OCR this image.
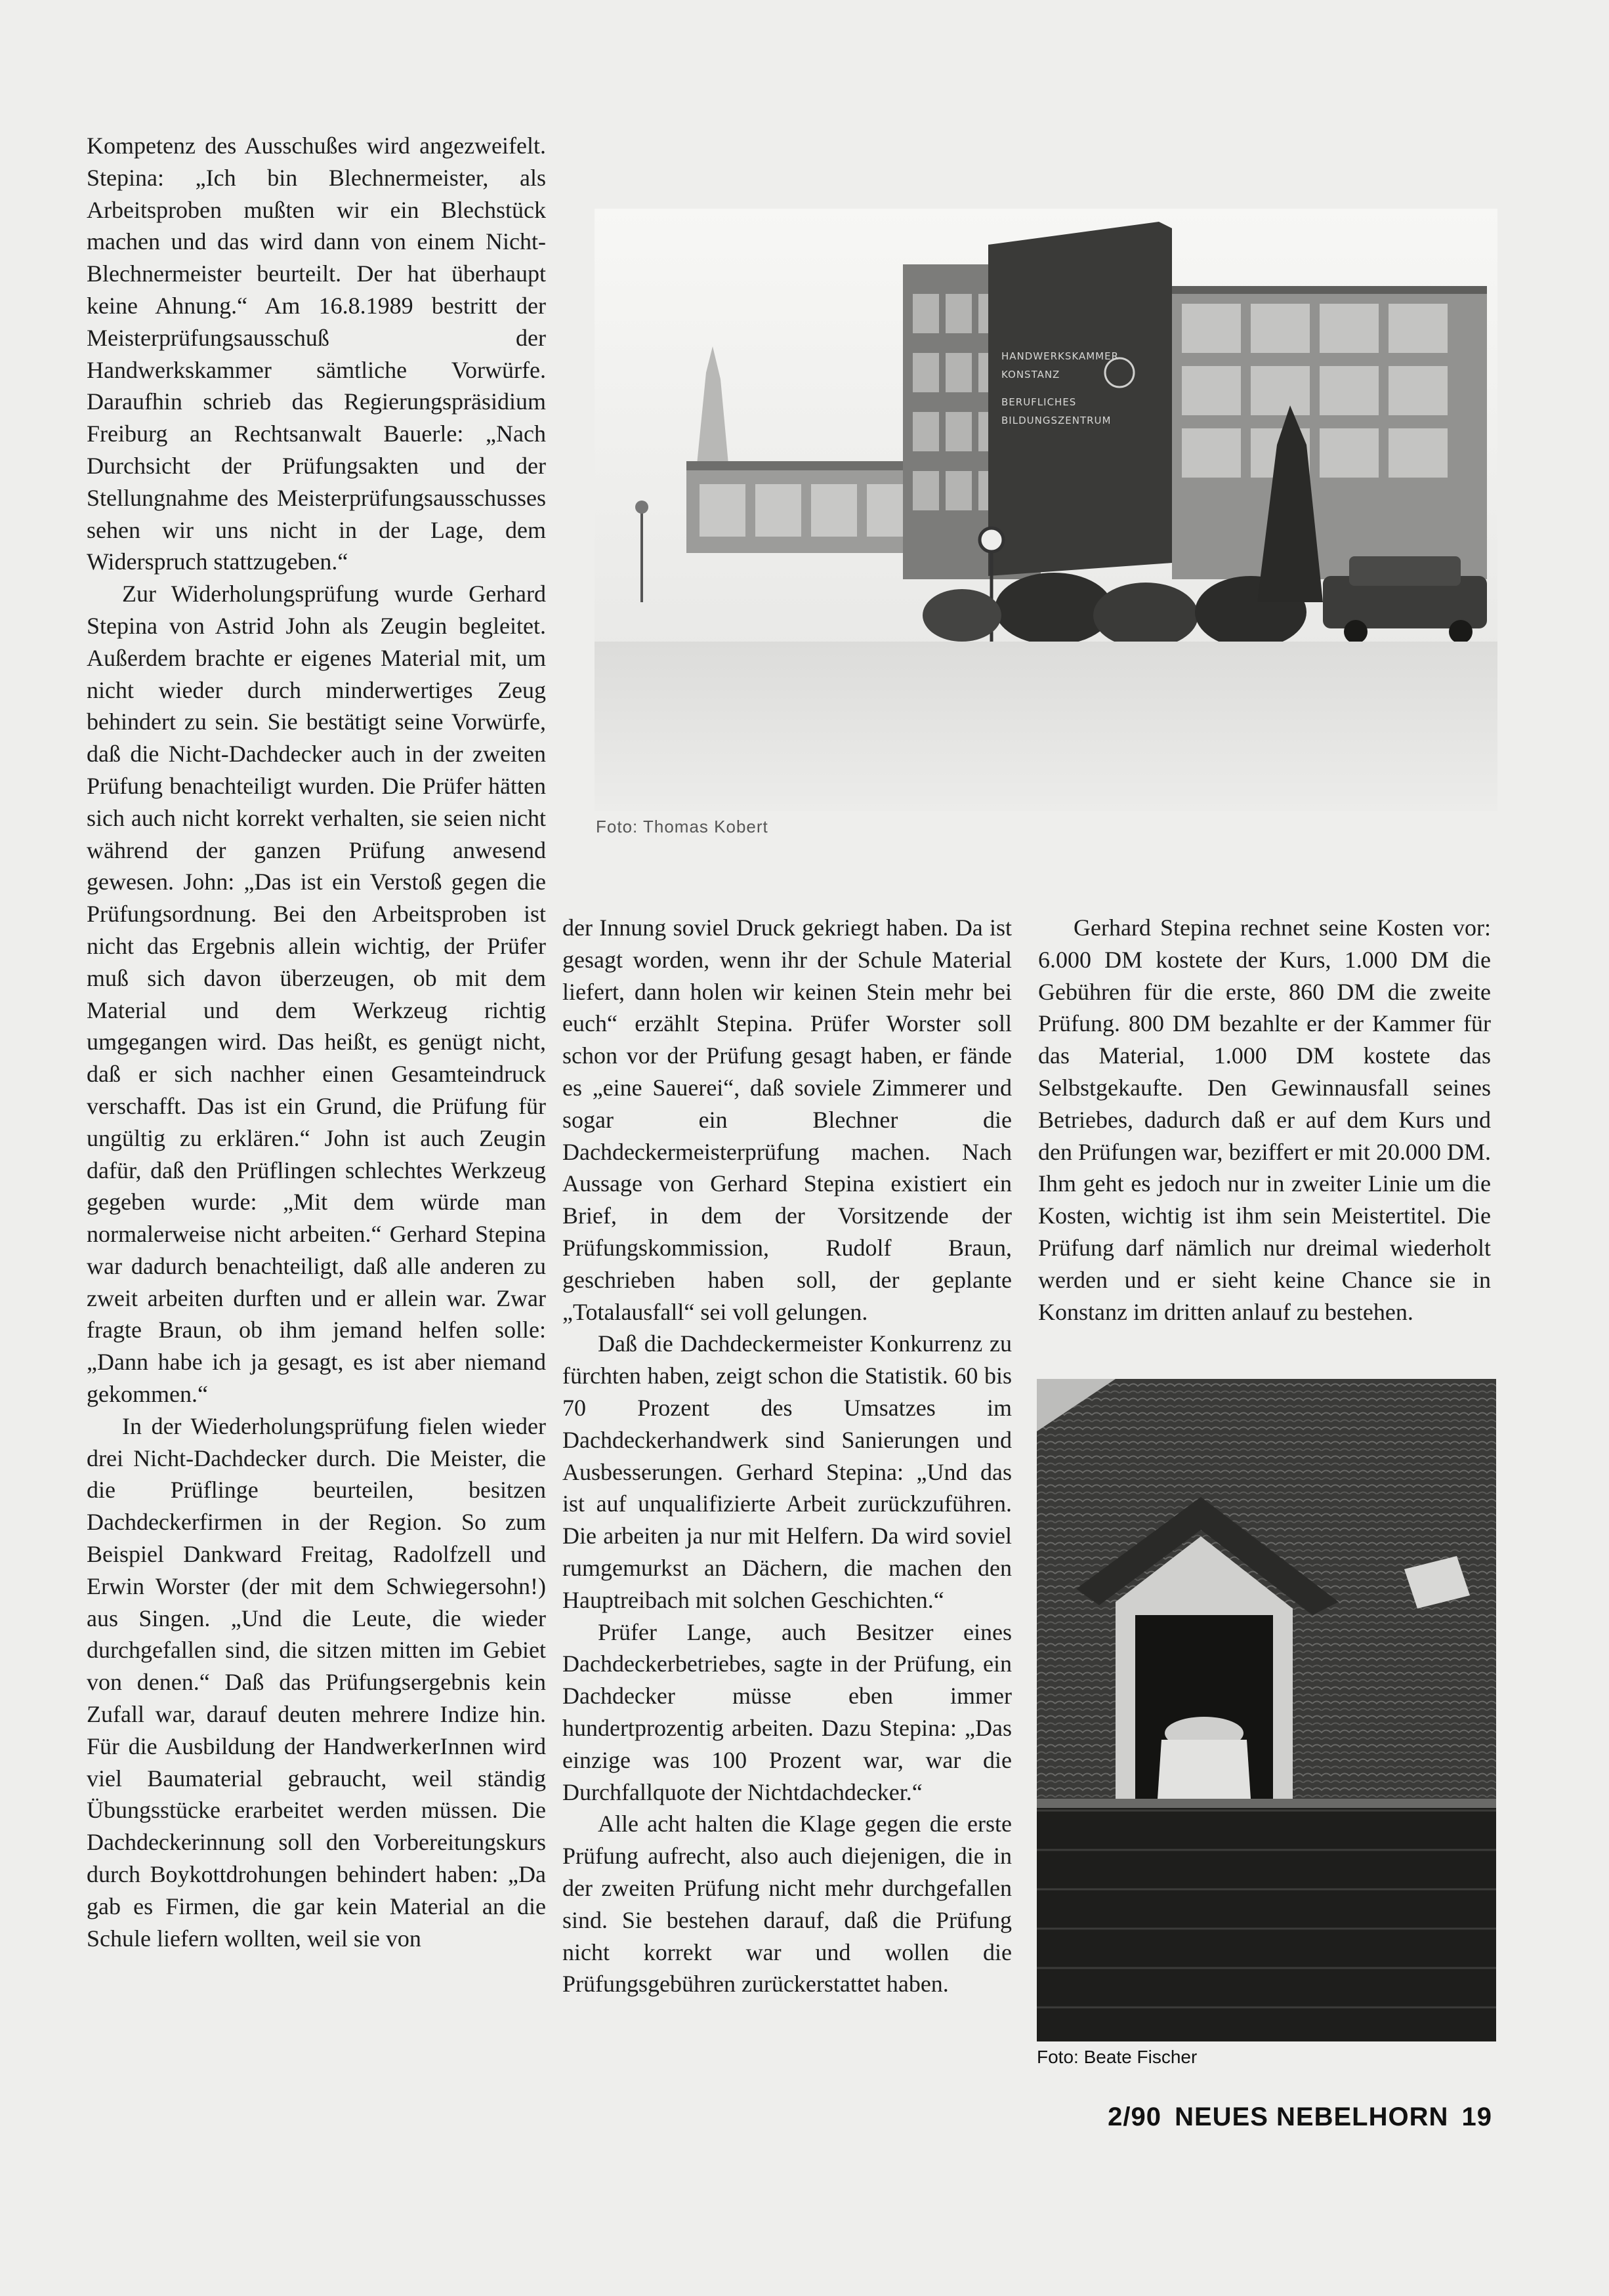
Kompetenz des Ausschußes wird angezweifelt. Stepina: „Ich bin Blechnermeister, als Arbeitsproben mußten wir ein Blechstück machen und das wird dann von einem Nicht-Blechnermeister beurteilt. Der hat überhaupt keine Ahnung.“ Am 16.8.1989 bestritt der Meisterprüfungsausschuß der Handwerkskammer sämtliche Vorwürfe. Daraufhin schrieb das Regierungspräsidium Freiburg an Rechtsanwalt Bauerle: „Nach Durchsicht der Prüfungsakten und der Stellungnahme des Meisterprüfungsausschusses sehen wir uns nicht in der Lage, dem Widerspruch stattzugeben.“

Zur Widerholungsprüfung wurde Gerhard Stepina von Astrid John als Zeugin begleitet. Außerdem brachte er eigenes Material mit, um nicht wieder durch minderwertiges Zeug behindert zu sein. Sie bestätigt seine Vorwürfe, daß die Nicht-Dachdecker auch in der zweiten Prüfung benachteiligt wurden. Die Prüfer hätten sich auch nicht korrekt verhalten, sie seien nicht während der ganzen Prüfung anwesend gewesen. John: „Das ist ein Verstoß gegen die Prüfungsordnung. Bei den Arbeitsproben ist nicht das Ergebnis allein wichtig, der Prüfer muß sich davon überzeugen, ob mit dem Material und dem Werkzeug richtig umgegangen wird. Das heißt, es genügt nicht, daß er sich nachher einen Gesamteindruck verschafft. Das ist ein Grund, die Prüfung für ungültig zu erklären.“ John ist auch Zeugin dafür, daß den Prüflingen schlechtes Werkzeug gegeben wurde: „Mit dem würde man normalerweise nicht arbeiten.“ Gerhard Stepina war dadurch benachteiligt, daß alle anderen zu zweit arbeiten durften und er allein war. Zwar fragte Braun, ob ihm jemand helfen solle: „Dann habe ich ja gesagt, es ist aber niemand gekommen.“

In der Wiederholungsprüfung fielen wieder drei Nicht-Dachdecker durch. Die Meister, die die Prüflinge beurteilen, besitzen Dachdeckerfirmen in der Region. So zum Beispiel Dankward Freitag, Radolfzell und Erwin Worster (der mit dem Schwiegersohn!) aus Singen. „Und die Leute, die wieder durchgefallen sind, die sitzen mitten im Gebiet von denen.“ Daß das Prüfungsergebnis kein Zufall war, darauf deuten mehrere Indize hin. Für die Ausbildung der HandwerkerInnen wird viel Baumaterial gebraucht, weil ständig Übungsstücke erarbeitet werden müssen. Die Dachdeckerinnung soll den Vorbereitungskurs durch Boykottdrohungen behindert haben: „Da gab es Firmen, die gar kein Material an die Schule liefern wollten, weil sie von

HANDWERKSKAMMER
KONSTANZ
BERUFLICHES
BILDUNGSZENTRUM
Foto: Thomas Kobert

der Innung soviel Druck gekriegt haben. Da ist gesagt worden, wenn ihr der Schule Material liefert, dann holen wir keinen Stein mehr bei euch“ erzählt Stepina. Prüfer Worster soll schon vor der Prüfung gesagt haben, er fände es „eine Sauerei“, daß soviele Zimmerer und sogar ein Blechner die Dachdeckermeisterprüfung machen. Nach Aussage von Gerhard Stepina existiert ein Brief, in dem der Vorsitzende der Prüfungskommission, Rudolf Braun, geschrieben haben soll, der geplante „Totalausfall“ sei voll gelungen.

Daß die Dachdeckermeister Konkurrenz zu fürchten haben, zeigt schon die Statistik. 60 bis 70 Prozent des Umsatzes im Dachdeckerhandwerk sind Sanierungen und Ausbesserungen. Gerhard Stepina: „Und das ist auf unqualifizierte Arbeit zurückzuführen. Die arbeiten ja nur mit Helfern. Da wird soviel rumgemurkst an Dächern, die machen den Hauptreibach mit solchen Geschichten.“

Prüfer Lange, auch Besitzer eines Dachdeckerbetriebes, sagte in der Prüfung, ein Dachdecker müsse eben immer hundertprozentig arbeiten. Dazu Stepina: „Das einzige was 100 Prozent war, war die Durchfallquote der Nichtdachdecker.“

Alle acht halten die Klage gegen die erste Prüfung aufrecht, also auch diejenigen, die in der zweiten Prüfung nicht mehr durchgefallen sind. Sie bestehen darauf, daß die Prüfung nicht korrekt war und wollen die Prüfungsgebühren zurückerstattet haben.

Gerhard Stepina rechnet seine Kosten vor: 6.000 DM kostete der Kurs, 1.000 DM die Gebühren für die erste, 860 DM die zweite Prüfung. 800 DM bezahlte er der Kammer für das Material, 1.000 DM kostete das Selbstgekaufte. Den Gewinnausfall seines Betriebes, dadurch daß er auf dem Kurs und den Prüfungen war, beziffert er mit 20.000 DM. Ihm geht es jedoch nur in zweiter Linie um die Kosten, wichtig ist ihm sein Meistertitel. Die Prüfung darf nämlich nur dreimal wiederholt werden und er sieht keine Chance sie in Konstanz im dritten anlauf zu bestehen.

Foto: Beate Fischer
2/90 NEUES NEBELHORN 19
